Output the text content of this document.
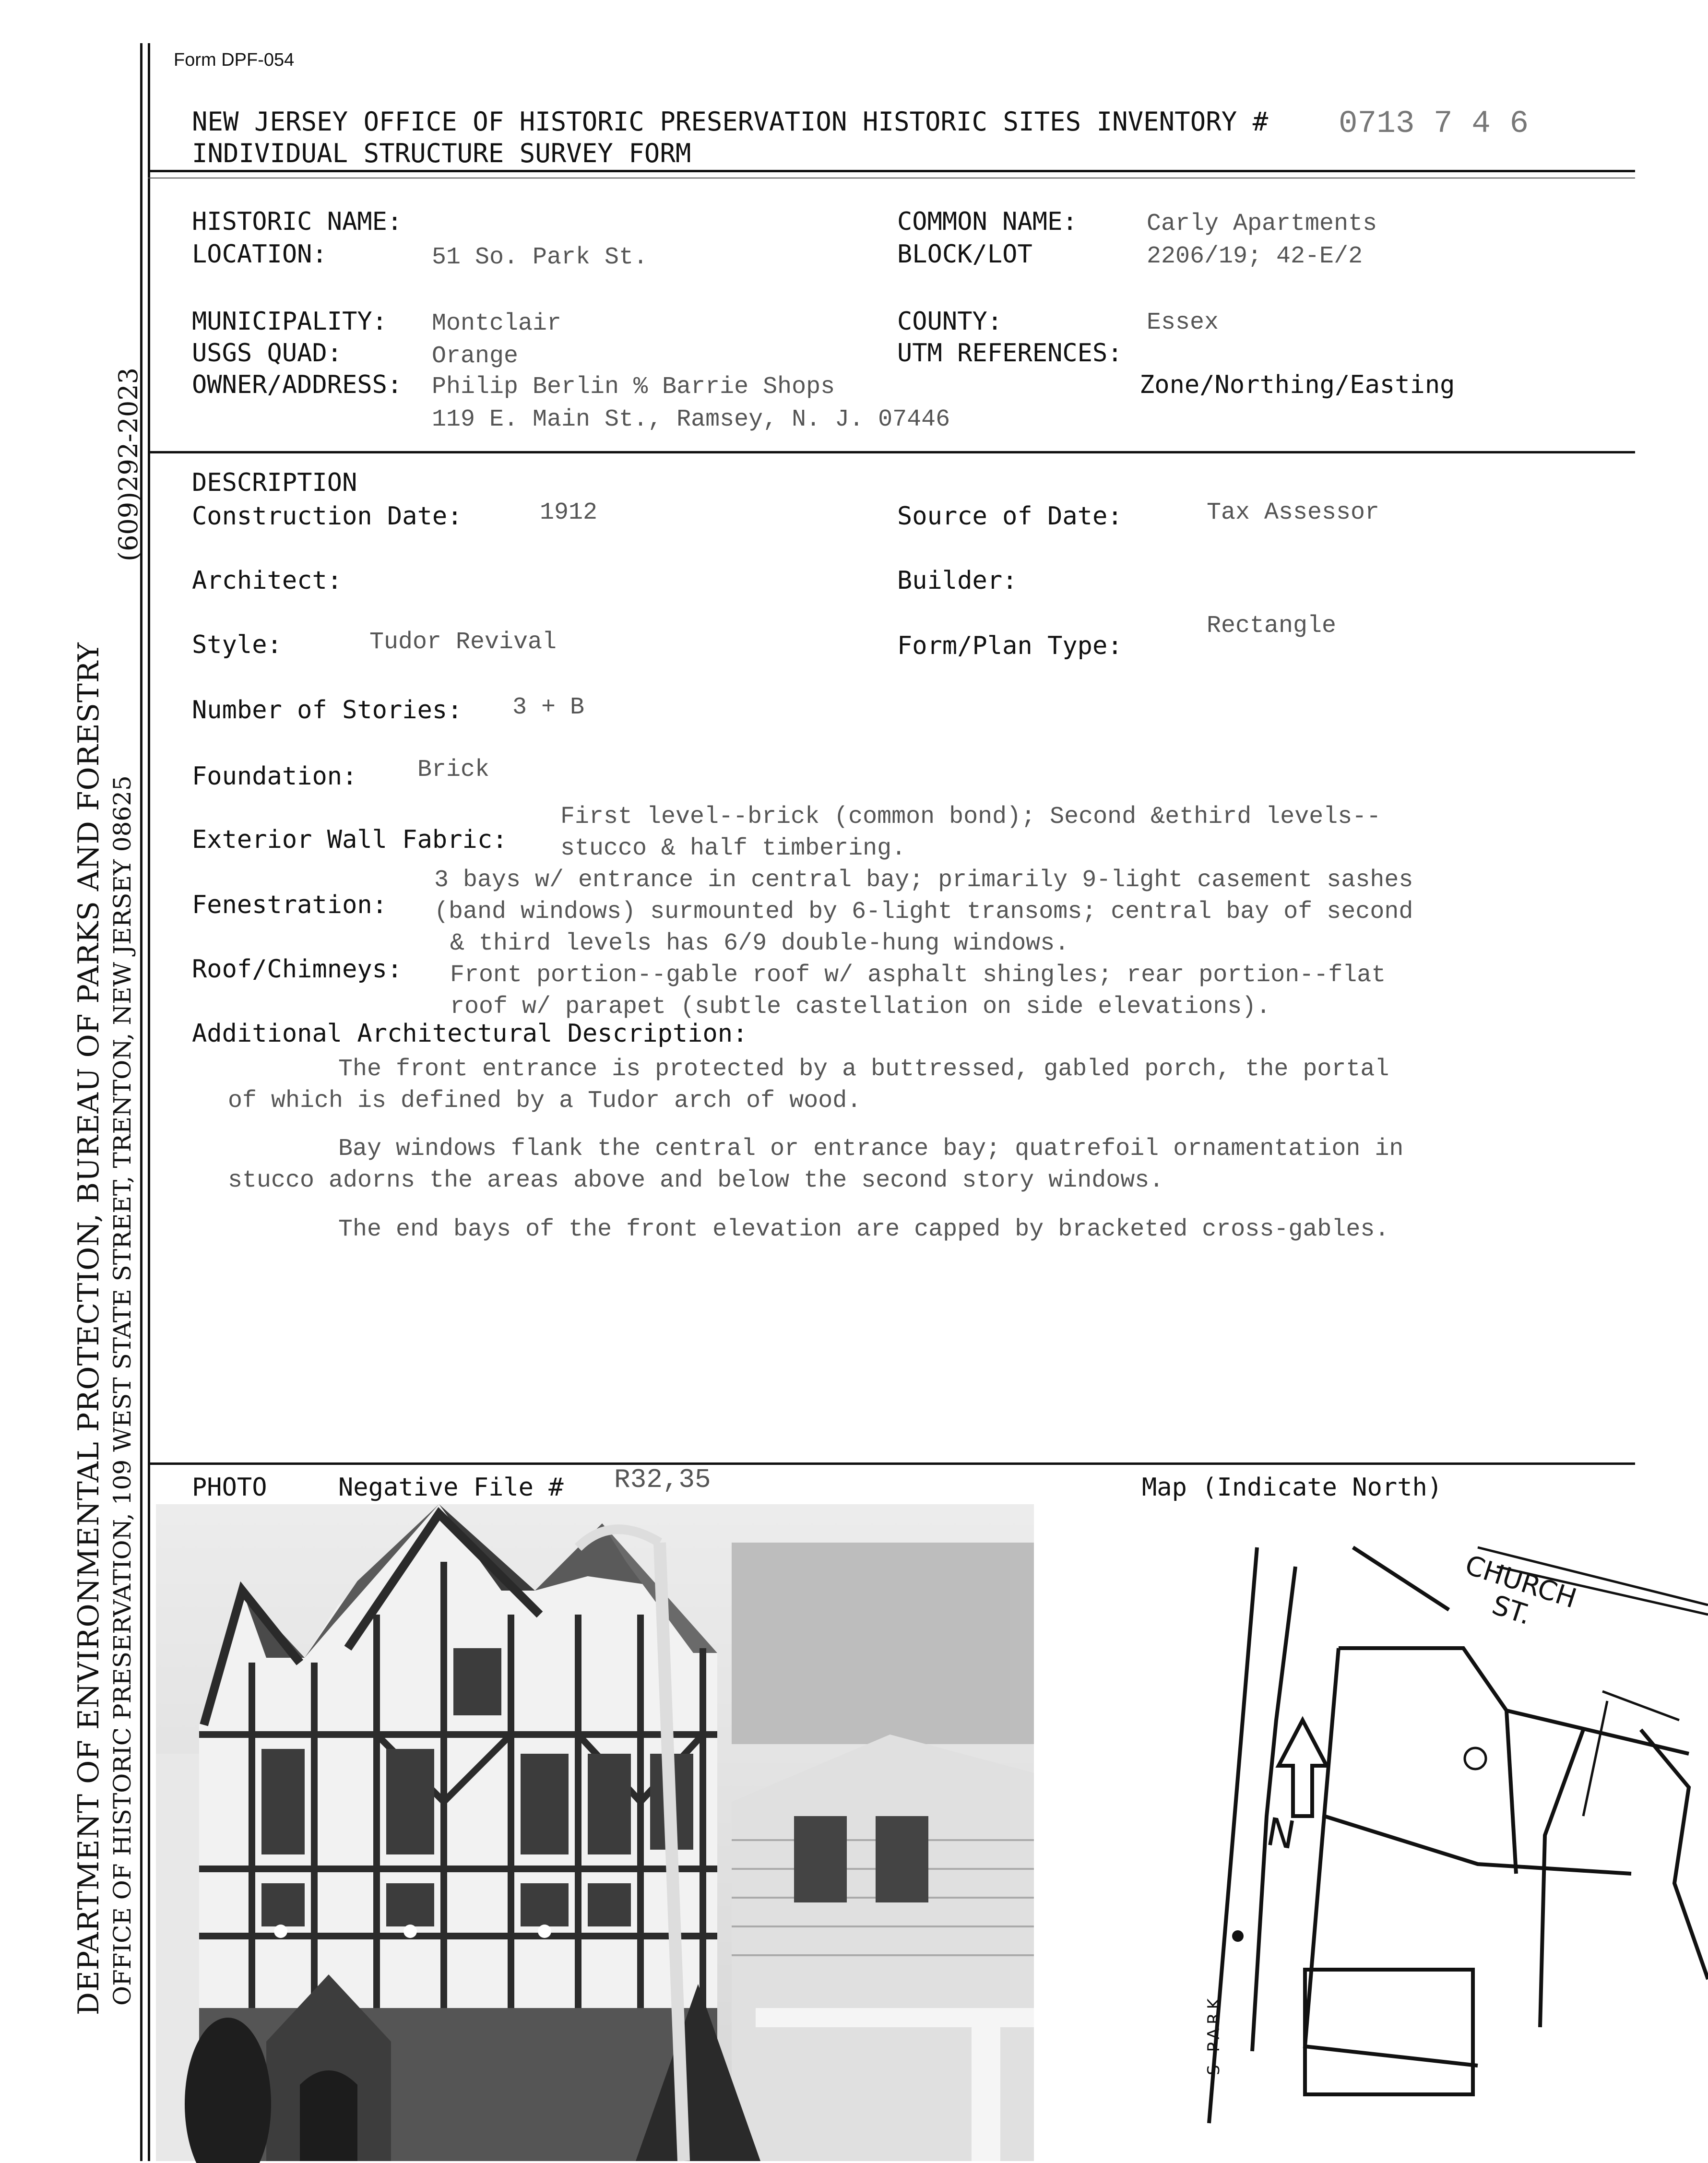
DEPARTMENT OF ENVIRONMENTAL PROTECTION, BUREAU OF PARKS AND FORESTRY OFFICE OF HISTORIC PRESERVATION, 109 WEST STATE STREET, TRENTON, NEW JERSEY 08625
(609)292-2023
Form DPF-054
NEW JERSEY OFFICE OF HISTORIC PRESERVATION HISTORIC SITES INVENTORY # 0713 7 4 6
INDIVIDUAL STRUCTURE SURVEY FORM
HISTORIC NAME:	COMMON NAME:	Carly Apartments
LOCATION:	51 So. Park St.	BLOCK/LOT	2206/19; 42-E/2
MUNICIPALITY: Montclair	COUNTY:	Essex
USGS QUAD:	Orange	UTM REFERENCES:
OWNER/ADDRESS: Philip Berlin % Barrie Shops
119 E. Main St., Ramsey, N. J. 07446
Zone/Northing/Easting
DESCRIPTION
Construction Date:	1912	Source of Date:	Tax Assessor
Architect:	Builder:
Style:	Tudor Revival	Form/Plan Type:
Rectangle
Number of Stories: 3 + B
Foundation:	Brick
Exterior Wall Fabric:
First level--brick (common bond); Second &ethird levels--
stucco & half timbering.
Fenestration:
3 bays w/ entrance in central bay; primarily 9-light casement sashes
(band windows) surmounted by 6-light transoms; central bay of second
& third levels has 6/9 double-hung windows.
Roof/Chimneys: Front portion--gable roof w/ asphalt shingles; rear portion--flat
roof w/ parapet (subtle castellation on side elevations).
Additional Architectural Description:
The front entrance is protected by a buttressed, gabled porch, the portal
of which is defined by a Tudor arch of wood.
Bay windows flank the central or entrance bay; quatrefoil ornamentation in
stucco adorns the areas above and below the second story windows.
The end bays of the front elevation are capped by bracketed cross-gables.
PHOTO	Negative File # R32,35	Map (Indicate North)
CHURCH ST.
S PARK
N
